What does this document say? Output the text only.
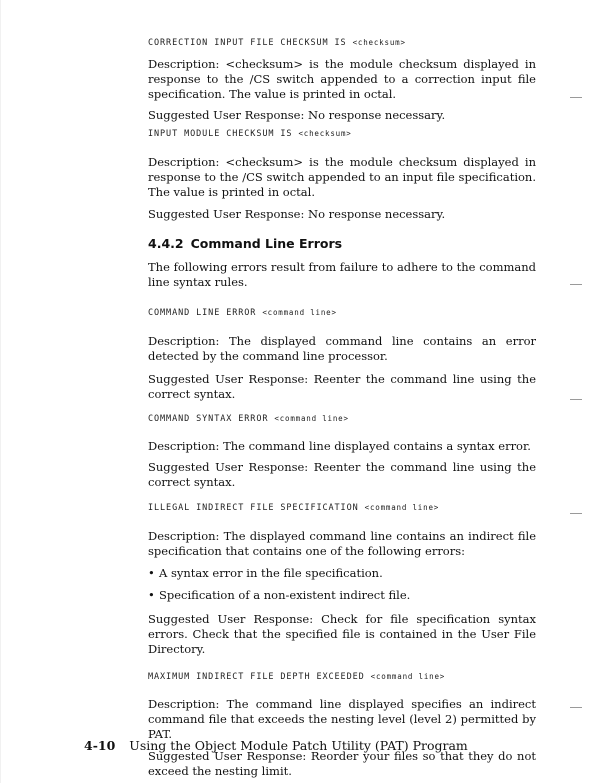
CORRECTION INPUT FILE CHECKSUM IS <checksum>

Description: <checksum> is the module checksum displayed in response to the /CS switch appended to a correction input file specification. The value is printed in octal.

Suggested User Response: No response necessary.

INPUT MODULE CHECKSUM IS <checksum>

Description: <checksum> is the module checksum displayed in response to the /CS switch appended to an input file specification. The value is printed in octal.

Suggested User Response: No response necessary.

4.4.2 Command Line Errors

The following errors result from failure to adhere to the command line syntax rules.

COMMAND LINE ERROR <command line>

Description: The displayed command line contains an error detected by the command line processor.

Suggested User Response: Reenter the command line using the correct syntax.

COMMAND SYNTAX ERROR <command line>

Description: The command line displayed contains a syntax error.

Suggested User Response: Reenter the command line using the correct syntax.

ILLEGAL INDIRECT FILE SPECIFICATION <command line>

Description: The displayed command line contains an indirect file specification that contains one of the following errors:

• A syntax error in the file specification.
• Specification of a non-existent indirect file.

Suggested User Response: Check for file specification syntax errors. Check that the specified file is contained in the User File Directory.

MAXIMUM INDIRECT FILE DEPTH EXCEEDED <command line>

Description: The command line displayed specifies an indirect command file that exceeds the nesting level (level 2) permitted by PAT.

Suggested User Response: Reorder your files so that they do not exceed the nesting limit.

4-10 Using the Object Module Patch Utility (PAT) Program
